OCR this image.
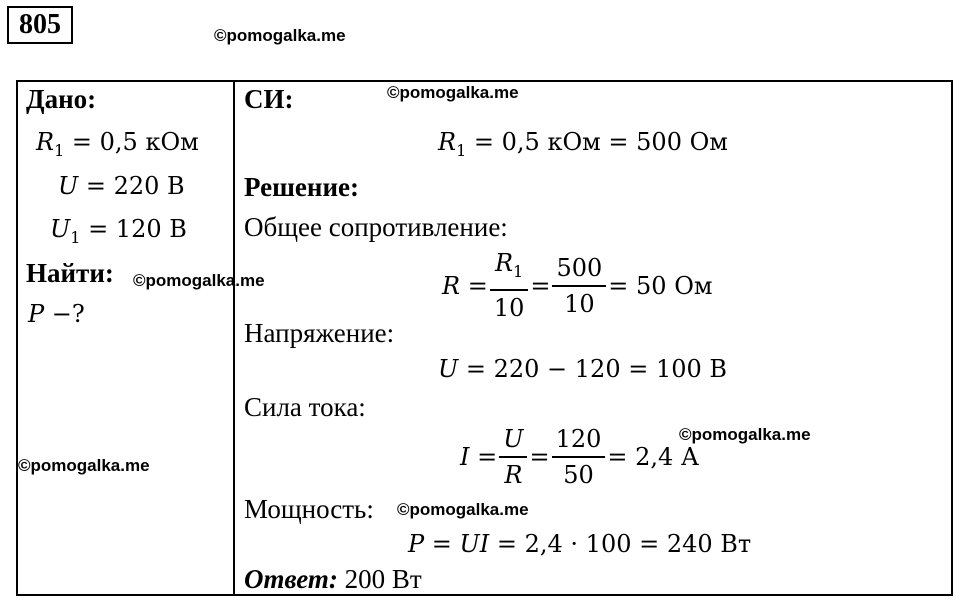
805	©pomogalka.me
Дано:
$R_1 = 0,5$ кОм
U = 220 В
$U_1 = 120$ В
Найти: ©pomogalka.me
P −?
©pomogalka.me
СИ:	©pomogalka.me
$R_1 = 0,5$ кОм = 500 Ом
Решение:
Общее сопротивление:
$R = \frac{R_1}{10} = \frac{500}{10} = 50$ Ом
Напряжение:
U = 220 − 120 = 100 В
Сила тока:
©pomogalka.me
$I = \frac{U}{R} = \frac{120}{50} = 2,4$ А
Мощность: ©pomogalka.me
P = UI = 2,4 · 100 = 240 Вт
Ответ: 200 Вт
